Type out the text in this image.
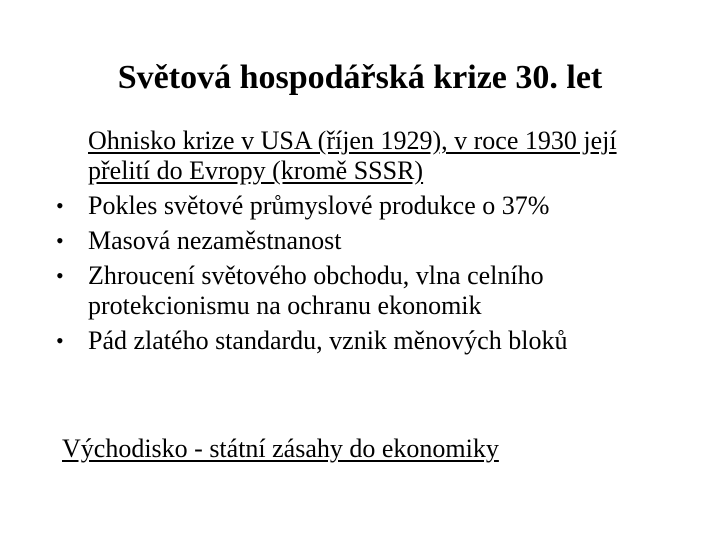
Světová hospodářská krize 30. let
Ohnisko krize v USA (říjen 1929), v roce 1930 její přelití do Evropy (kromě SSSR)
• Pokles světové průmyslové produkce o 37%
• Masová nezaměstnanost
• Zhroucení světového obchodu, vlna celního protekcionismu na ochranu ekonomik
• Pád zlatého standardu, vznik měnových bloků
Východisko - státní zásahy do ekonomiky
